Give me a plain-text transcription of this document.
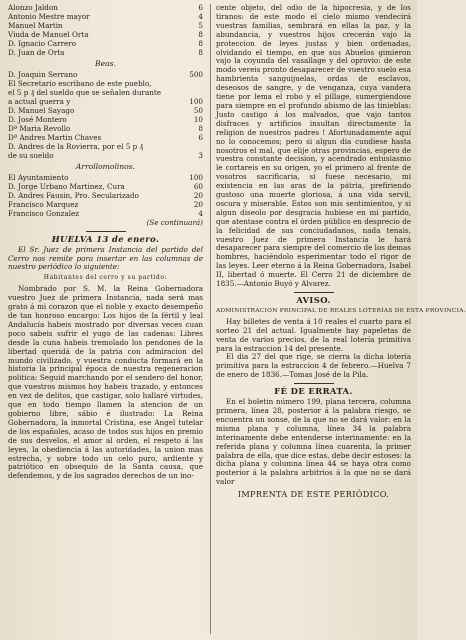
Alonzo Jaldon	6
Antonio Mestre mayor	4
Manuel Martin	5
Viuda de Manuel Orta	8
D. Ignacio Carrero	8
D. Juan de Orta	8
Beas.
D. Joaquin Serrano	500
El Secretario escribano de este pueblo,
el 5 p ₰ del sueldo que se señalen durante
a actual guerra y	100
D. Manuel Sayago	50
D. José Montero	10
Dª Maria Revollo	8
Dª Andres Martin Chaves	6
D. Andres de la Rovierra, por el 5 p ₰
de su sueldo	3
Arrollomolinos.
El Ayuntamiento	100
D. Jorge Urbano Martinez, Cura	60
D. Andres Fausin, Pro. Secularizado	20
Francisco Marquez	20
Francisco Gonzalez	4
(Se continuará)
HUELVA 13 de enero.
El Sr. Juez de primera Instancia del partido del Cerro nos remite para insertar en las columnas de nuestro periódico lo siguiente:
Habitantes del cerro y su partido:
Nombrado por S. M. la Reina Gobernadora vuestro Juez de primera Instancia, nada será mas grato á mi corazon que el noble y exacto desempeño de tan honroso encargo: Los hijos de la fértil y leal Andalucía habeis mostrado por diversas veces cuan poco sabeis sufrir el yugo de las cadenas: Libres desde la cuna habeis tremolado los pendones de la libertad queridá de la patria con admiracion del mundo civilizado, y vuestra conducta formará en la historia la principal época de nuestra regeneracion politica: Seguid marchando por el sendero del honor, que vuestros mismos hoy habeis trazado, y entonces en vez de delitos, que castigar, solo hallaré virtudes, que en todo tiempo llamen la atencion de un gobierno libre, sábio é ilustrado: La Reina Gobernadora, la inmortal Cristina, ese Angel tutelar de los españoles, acaso de todos sus hijos en premio de sus desvelos, el amor al orden, el respeto á las leyes, la obediencia á las autoridades, la union mas estrecha, y sobre todo un celo puro, ardiente y patriótico en obsequio de la Santa causa, que defendemos, y de los sagrados derechos de un ino-
cente objeto, del odio de la hipocresia, y de los tiranos: de este modo el cielo mismo vendecirá vuestras familias, sembrará en ellas la paz, y la abundancia, y vuestros hijos crecerán vajo la proteccion de leyes justas y bien ordenadas, olvidando el tiempo, en que sus Abuelos gimieron vajo la coyunda del vasallage y del oprovio: de este modo vereis pronto desaparecer de vuestro suelo esa hambrienta sanguijuelas, ordas de esclavos, deseosos de sangre, y de venganza, cuya vandera tiene por lema el robo y el pillage, sumergiendose para siempre en el profundo abismo de las tinieblas: Justo castigo á los malvados, que vajo tantos disfraces y artificios insultan directamente la religion de nuestros padres ! Afortunadamente aquí no lo conocemos; pero si algun dia cundiese hasta nosotros el mal, que elije otras provincias, espero de vuestra constante decision, y acendrado entusiasmo le cortareis en su origen, yo el primero al frente de vosotros sacrificaria, si fuese necesario, mi existencia en las aras de la pátria, prefiriendo gustoso una muerte gloriosa, á una vida servil, oscura y miserable. Estos son mis sentimientos, y si algun diseolo por desgracia hubiese en mi partido, que atentase contra el órden público en desprecio de la felicidad de sus conciudadanos, nada tenais, vuestro Juez de primera Instancia le hará desaparecer para siempre del comercio de los demas hombres, haciéndolo esperimentar todo el rigor de las leyes. Leer eterno á la Reina Gobernadora, Isabel II, libertad ó muerte. El Cerro 21 de diciembre de 1835.—Antonio Buyó y Alvarez.
AVISO.
ADMINISTRACION PRINCIPAL DE REALES LOTERÍAS DE ESTA PROVINCIA.
Hay billetes de venta á 10 reales el cuarto para el sorteo 21 del actual. Igualmente hay papeletas de venta de varios precios, de la real lotería primitiva para la estraccion 14 del presente.
El dia 27 del que rige, se cierra la dicha lotería primitiva para la estraccion 4 de febrero.—Huelva 7 de enero de 1836.—Tomas José de la Pila.
FÉ DE ERRATA.
En el boletin número 199, plana tercera, columna primera, línea 28, posterior á la palabra riesgo, se encuentra un sonse, de la que no se dará valor: en la misma plana y columna, línea 34 la palabra interinamente debe entenderse ínterinamente: en la referida plana y columna línea cuarenta, la primer palabra de ella, que dice estas, debe decir estoses: la dicha plana y columna línea 44 se haya otra como posterior á la palabra arbitrios á la que no se dará valor
IMPRENTA DE ESTE PERIÓDICO.
